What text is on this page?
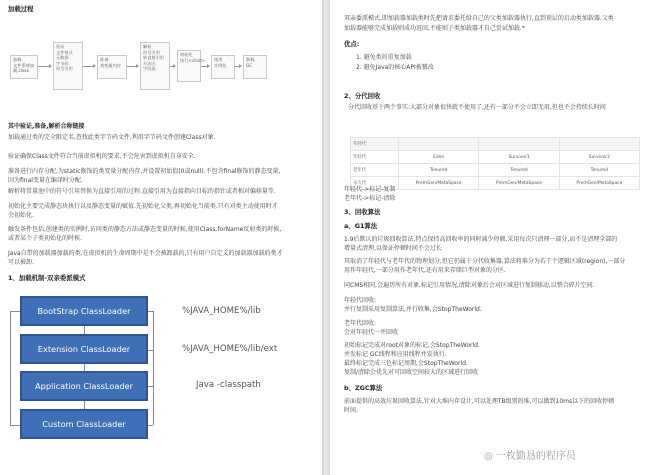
加载过程
加载
文件系统加
载.class
验证
文件格式
元数据
字节码
符号引用
准备
类变量内存
解析
符号引用
转直接引用
方法区
字段表
初始化
执行<clinit> 使用
实例化
卸载
GC
其中验证,准备,解析合称链接
加载通过类的完全限定名,查找此类字节码文件,利用字节码文件创建Class对象.
验证确保Class文件符合当前虚拟机的要求,不会危害到虚拟机自身安全.
准备进行内存分配,为static修饰的类变量分配内存,并设置初始值(0或null).不包含final修饰的静态变量,
因为final变量在编译时分配.
解析将常量池中的符号引用替换为直接引用的过程.直接引用为直接指向目标的指针或者相对偏移量等.
初始化主要完成静态块执行以及静态变量的赋值.先初始化父类,再初始化当前类.只有对类主动使用时才
会初始化.
触发条件包括,创建类的实例时,访问类的静态方法或静态变量的时候,使用Class.forName反射类的时候,
或者某个子类初始化的时候.
Java自带的加载器加载的类,在虚拟机的生命周期中是不会被卸载的,只有用户自定义的加载器加载的类才
可以被卸.
1、加载机制-双亲委派模式
BootStrap ClassLoader
Extension ClassLoader
Application ClassLoader
Custom ClassLoader
%JAVA_HOME%/lib
%JAVA_HOME%/lib/ext
Java -classpath
双亲委派模式,即加载器加载类时先把请求委托给自己的父类加载器执行,直到顶层的启动类加载器.父类
加载器能够完成加载则成功返回,不能则子类加载器才自己尝试加载.*
优点:
1. 避免类的重复加载
2. 避免Java的核心API被篡改
2、分代回收
分代回收基于两个事实:大部分对象很快就不使用了,还有一部分不会立即无用,但也不会持续长时间
年轻代			
年轻代	Eden	Survivor1	Survivor2
老年代	Tenured	Tenured	Tenured
永久代	PremGen/MetaSpace	PremGen/MetaSpace	PremGen/MetaSpace
年轻代->标记-复制
老年代->标记-清除
3、回收算法
a、G1算法
1.9后默认的垃圾回收算法,特点保持高回收率的同时减少停顿.采用每次只清理一部分,而不是清理全部的
增量式清理,以保证停顿时间不会过长
其取消了年轻代与老年代的物理划分,但它仍属于分代收集器,算法将堆分为若干个逻辑区域(region),一部分
用作年轻代,一部分用作老年代,还有用来存储巨型对象的分区.
同CMS相同,会遍历所有对象,标记引用情况,清除对象后会对区域进行复制移动,以整合碎片空间.
年轻代回收:
并行复制采用复制算法,并行收集,会StopTheWorld.
老年代回收:
会对年轻代一并回收
初始标记完成对root对象的标记,会StopTheWorld.
并发标记 GC线程和应用线程并发执行.
最终标记完成三色标记周期,会StopTheWorld.
复制/清除会优先对可回收空间较大的区域进行回收
b、ZGC算法
前面提供的高效垃圾回收算法,针对大堆内存设计,可以处理TB级别的堆,可以做到10ms以下的回收停顿
时间.
◎ 一枚勤恳的程序员
